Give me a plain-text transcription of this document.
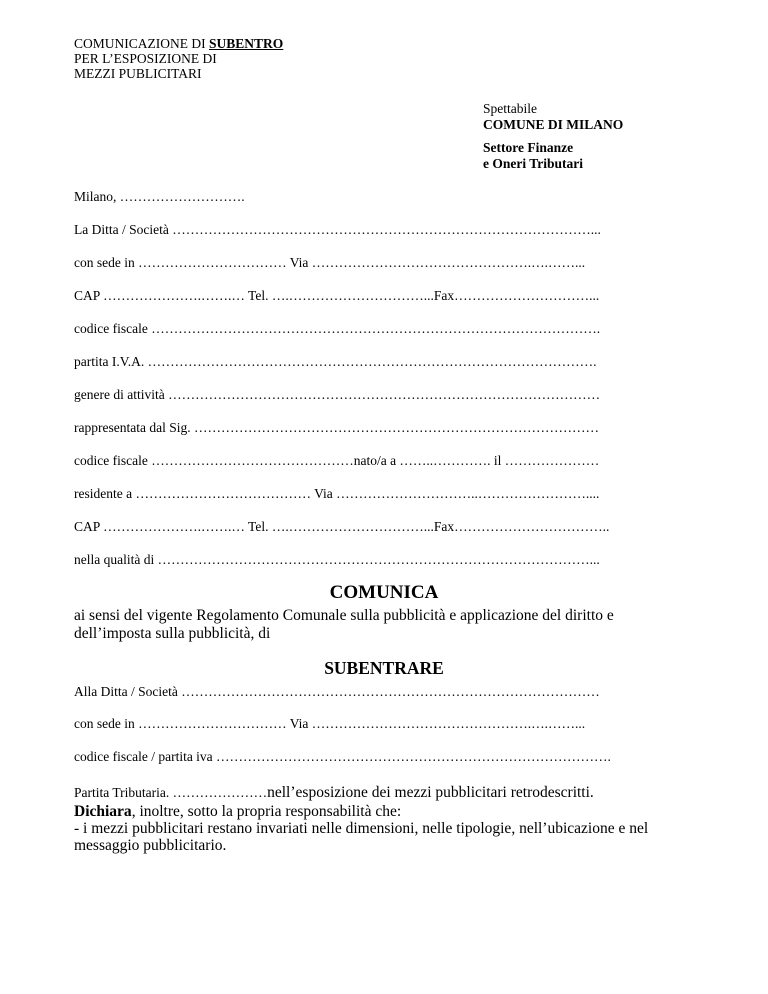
COMUNICAZIONE DI SUBENTRO
PER L’ESPOSIZIONE DI
MEZZI PUBLICITARI
Spettabile
COMUNE DI MILANO
Settore Finanze
e Oneri Tributari
Milano, ……………………….
La Ditta / Società …………………………………………………………………………………...
con sede in …………………………… Via ………………………………………….….……...
CAP ………………….…….… Tel. ….…………………………...Fax…………………………...
codice fiscale ……………………………………………………………………………………….
partita I.V.A. ……………………………………………………………………………………….
genere di attività ……………………………………………………………………………………
rappresentata dal Sig. ………………………………………………………………………………
codice fiscale ………………………………………nato/a a ……..…………. il …………………
residente a ………………………………… Via …………………………..……………………....
CAP ………………….…….… Tel. ….…………………………...Fax……………………………..
nella qualità di ……………………………………………………………………………………...
COMUNICA
ai sensi del vigente Regolamento Comunale sulla pubblicità e applicazione del diritto e
dell’imposta sulla pubblicità, di
SUBENTRARE
Alla Ditta / Società …………………………………………………………………………………
con sede in …………………………… Via ………………………………………….….……...
codice fiscale / partita iva …………………………………………………………………………….
Partita Tributaria. …………………nell’esposizione dei mezzi pubblicitari retrodescritti.
Dichiara, inoltre, sotto la propria responsabilità che:
- i mezzi pubblicitari restano invariati nelle dimensioni, nelle tipologie, nell’ubicazione e nel
messaggio pubblicitario.
